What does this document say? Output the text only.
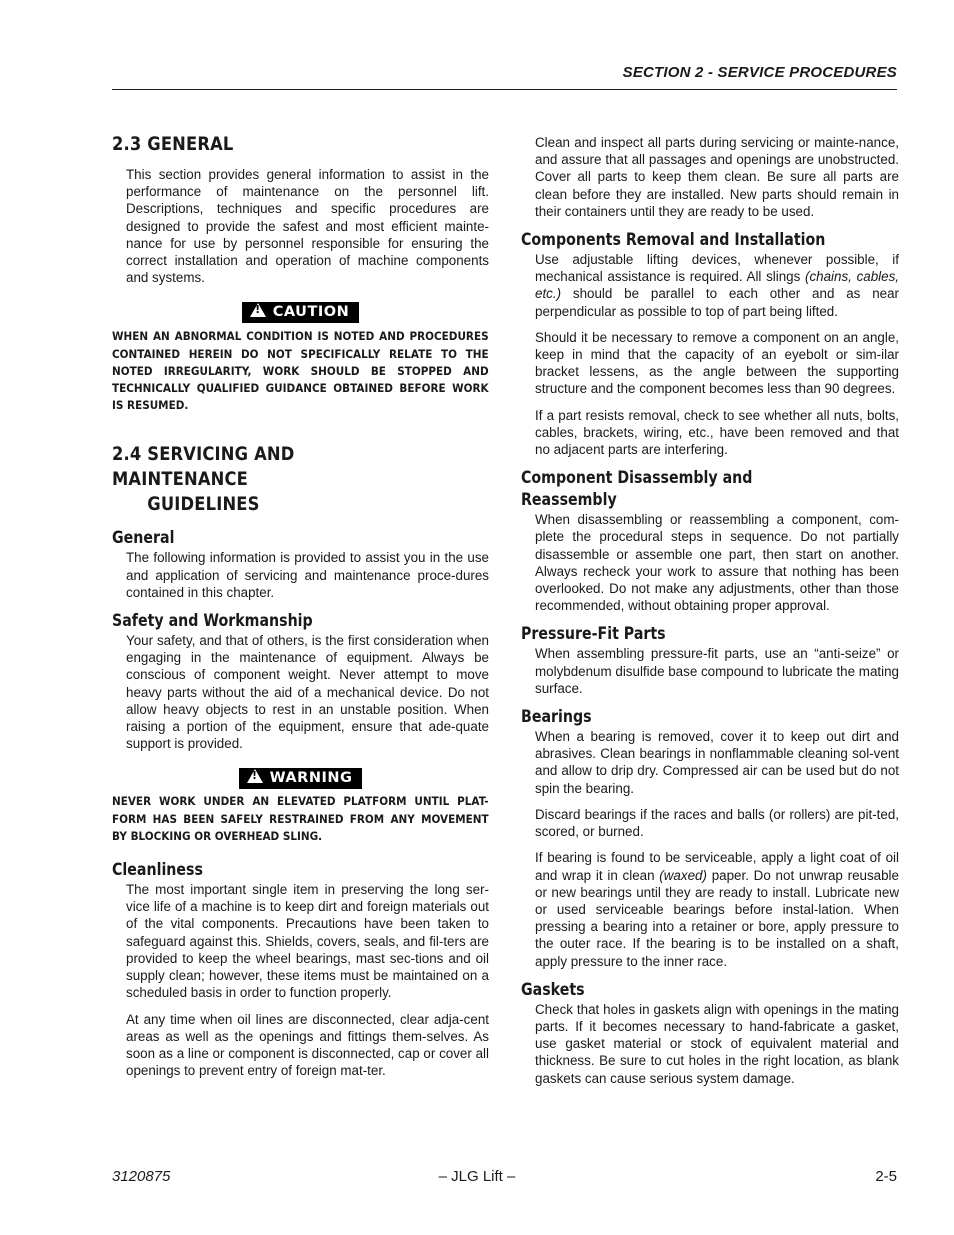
SECTION 2 - SERVICE PROCEDURES
2.3 GENERAL

This section provides general information to assist in the performance of maintenance on the personnel lift. Descriptions, techniques and specific procedures are designed to provide the safest and most efficient mainte-nance for use by personnel responsible for ensuring the correct installation and operation of machine components and systems.

!CAUTION
WHEN AN ABNORMAL CONDITION IS NOTED AND PROCEDURES CONTAINED HEREIN DO NOT SPECIFICALLY RELATE TO THE NOTED IRREGULARITY, WORK SHOULD BE STOPPED AND TECHNICALLY QUALIFIED GUIDANCE OBTAINED BEFORE WORK IS RESUMED.
2.4 SERVICING AND MAINTENANCE
GUIDELINES
General

The following information is provided to assist you in the use and application of servicing and maintenance proce-dures contained in this chapter.

Safety and Workmanship

Your safety, and that of others, is the first consideration when engaging in the maintenance of equipment. Always be conscious of component weight. Never attempt to move heavy parts without the aid of a mechanical device. Do not allow heavy objects to rest in an unstable position. When raising a portion of the equipment, ensure that ade-quate support is provided.

!WARNING
NEVER WORK UNDER AN ELEVATED PLATFORM UNTIL PLAT-FORM HAS BEEN SAFELY RESTRAINED FROM ANY MOVEMENT BY BLOCKING OR OVERHEAD SLING.
Cleanliness

The most important single item in preserving the long ser-vice life of a machine is to keep dirt and foreign materials out of the vital components. Precautions have been taken to safeguard against this. Shields, covers, seals, and fil-ters are provided to keep the wheel bearings, mast sec-tions and oil supply clean; however, these items must be maintained on a scheduled basis in order to function properly.

At any time when oil lines are disconnected, clear adja-cent areas as well as the openings and fittings them-selves. As soon as a line or component is disconnected, cap or cover all openings to prevent entry of foreign mat-ter.

Clean and inspect all parts during servicing or mainte-nance, and assure that all passages and openings are unobstructed. Cover all parts to keep them clean. Be sure all parts are clean before they are installed. New parts should remain in their containers until they are ready to be used.

Components Removal and Installation

Use adjustable lifting devices, whenever possible, if mechanical assistance is required. All slings (chains, cables, etc.) should be parallel to each other and as near perpendicular as possible to top of part being lifted.

Should it be necessary to remove a component on an angle, keep in mind that the capacity of an eyebolt or sim-ilar bracket lessens, as the angle between the supporting structure and the component becomes less than 90 degrees.

If a part resists removal, check to see whether all nuts, bolts, cables, brackets, wiring, etc., have been removed and that no adjacent parts are interfering.

Component Disassembly and Reassembly

When disassembling or reassembling a component, com-plete the procedural steps in sequence. Do not partially disassemble or assemble one part, then start on another. Always recheck your work to assure that nothing has been overlooked. Do not make any adjustments, other than those recommended, without obtaining proper approval.

Pressure-Fit Parts

When assembling pressure-fit parts, use an “anti-seize” or molybdenum disulfide base compound to lubricate the mating surface.

Bearings

When a bearing is removed, cover it to keep out dirt and abrasives. Clean bearings in nonflammable cleaning sol-vent and allow to drip dry. Compressed air can be used but do not spin the bearing.

Discard bearings if the races and balls (or rollers) are pit-ted, scored, or burned.

If bearing is found to be serviceable, apply a light coat of oil and wrap it in clean (waxed) paper. Do not unwrap reusable or new bearings until they are ready to install. Lubricate new or used serviceable bearings before instal-lation. When pressing a bearing into a retainer or bore, apply pressure to the outer race. If the bearing is to be installed on a shaft, apply pressure to the inner race.

Gaskets

Check that holes in gaskets align with openings in the mating parts. If it becomes necessary to hand-fabricate a gasket, use gasket material or stock of equivalent material and thickness. Be sure to cut holes in the right location, as blank gaskets can cause serious system damage.

3120875	– JLG Lift –	2-5
